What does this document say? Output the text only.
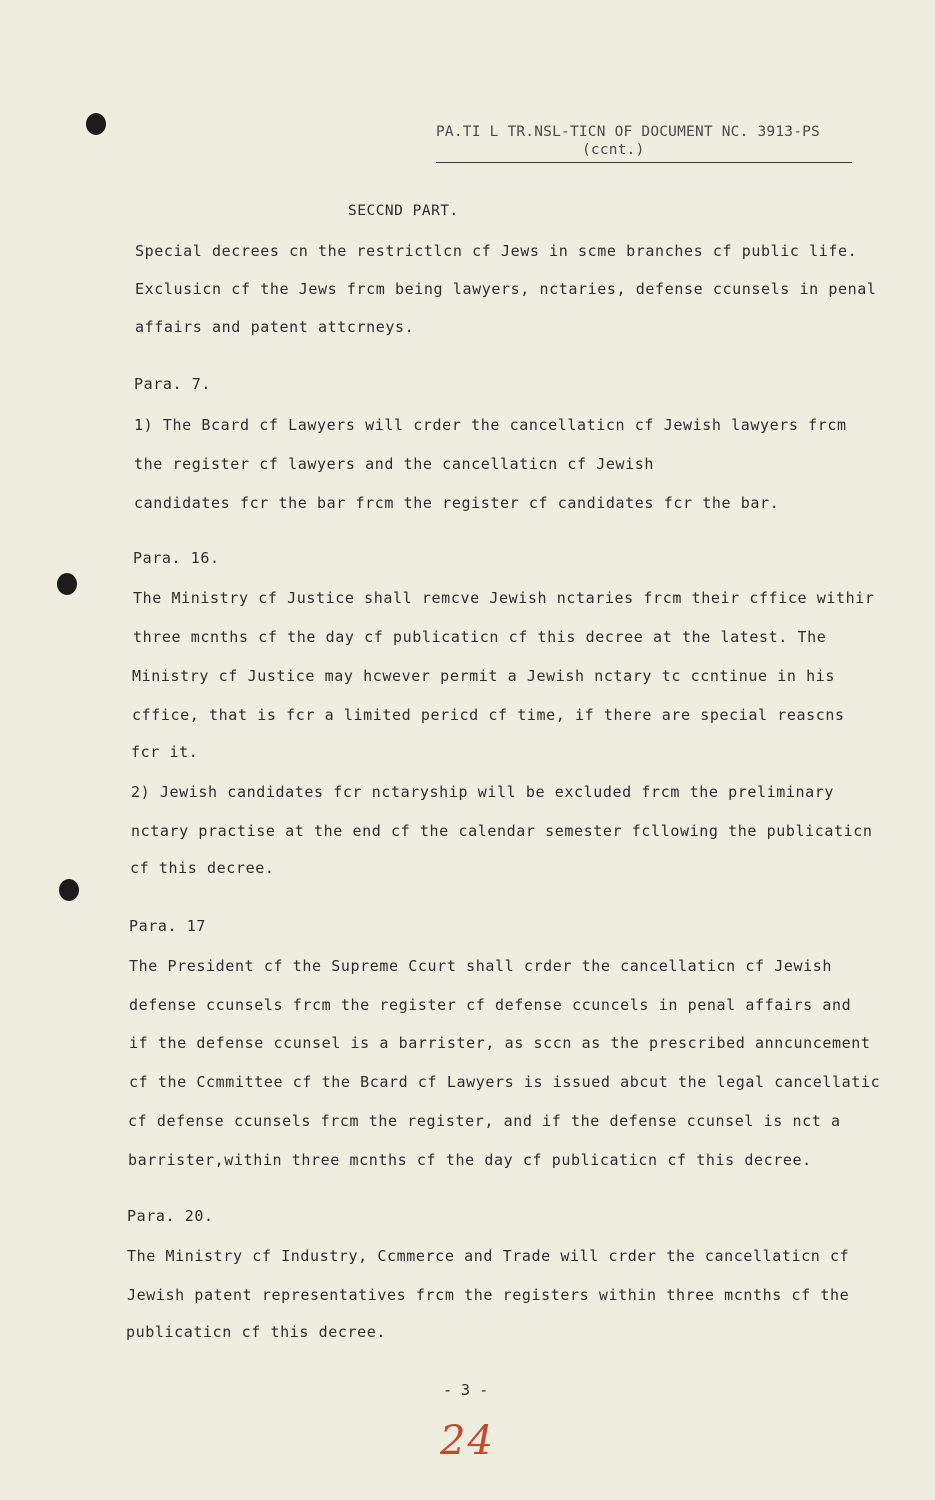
PA.TI L TR.NSL-TICN OF DOCUMENT NC. 3913-PS
(ccnt.)
SECCND PART.
Special decrees cn the restrictlcn cf Jews in scme branches cf public life.
Exclusicn cf the Jews frcm being lawyers, nctaries, defense ccunsels in penal
affairs and patent attcrneys.
Para. 7.
1) The Bcard cf Lawyers will crder the cancellaticn cf Jewish lawyers frcm
the register cf lawyers and the cancellaticn cf Jewish
candidates fcr the bar frcm the register cf candidates fcr the bar.
Para. 16.
The Ministry cf Justice shall remcve Jewish nctaries frcm their cffice withir
three mcnths cf the day cf publicaticn cf this decree at the latest. The
Ministry cf Justice may hcwever permit a Jewish nctary tc ccntinue in his
cffice, that is fcr a limited pericd cf time, if there are special reascns
fcr it.
2) Jewish candidates fcr nctaryship will be excluded frcm the preliminary
nctary practise at the end cf the calendar semester fcllowing the publicaticn
cf this decree.
Para. 17
The President cf the Supreme Ccurt shall crder the cancellaticn cf Jewish
defense ccunsels frcm the register cf defense ccuncels in penal affairs and
if the defense ccunsel is a barrister, as sccn as the prescribed anncuncement
cf the Ccmmittee cf the Bcard cf Lawyers is issued abcut the legal cancellatic
cf defense ccunsels frcm the register, and if the defense ccunsel is nct a
barrister,within three mcnths cf the day cf publicaticn cf this decree.
Para. 20.
The Ministry cf Industry, Ccmmerce and Trade will crder the cancellaticn cf
Jewish patent representatives frcm the registers within three mcnths cf the
publicaticn cf this decree.
- 3 -
24
